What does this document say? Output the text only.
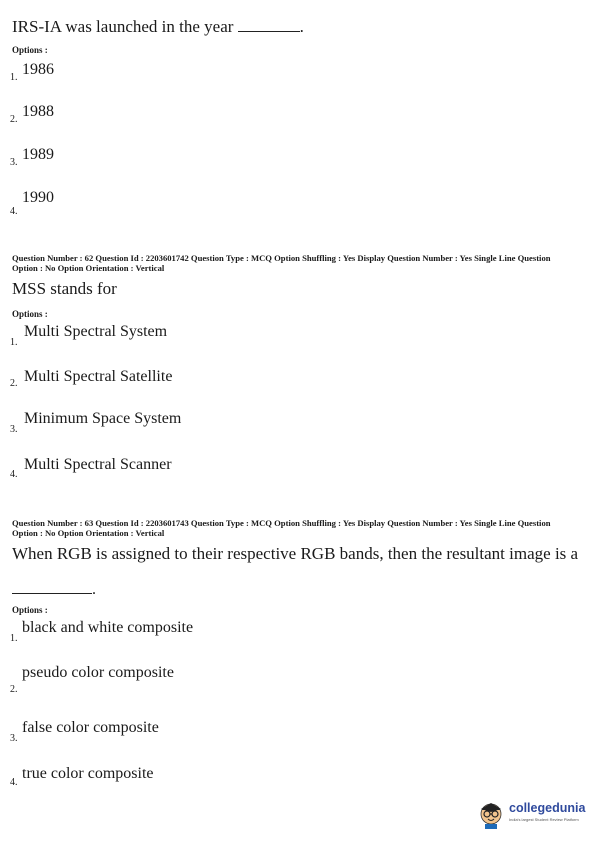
IRS-IA was launched in the year	.
Options :
1. 1986
2. 1988
3. 1989
4.
1990
Question Number : 62 Question Id : 2203601742 Question Type : MCQ Option Shuffling : Yes Display Question Number : Yes Single Line Question Option : No Option Orientation : Vertical
MSS stands for
Options :
1.
Multi Spectral System
2. Multi Spectral Satellite
3.
Minimum Space System
4.
Multi Spectral Scanner
Question Number : 63 Question Id : 2203601743 Question Type : MCQ Option Shuffling : Yes Display Question Number : Yes Single Line Question Option : No Option Orientation : Vertical
When RGB is assigned to their respective RGB bands, then the resultant image is a
.
Options :
1.
black and white composite
2.
pseudo color composite
3.
false color composite
4.
true color composite
collegedunia
India's largest Student Review Platform
